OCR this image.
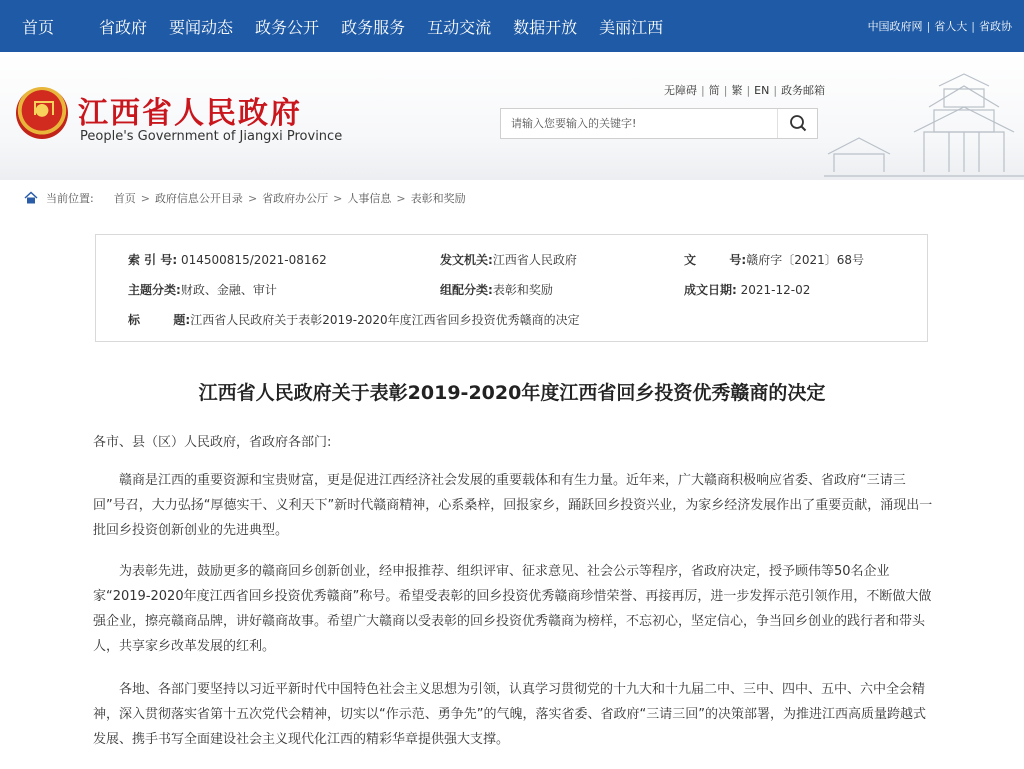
首页	省政府 要闻动态 政务公开 政务服务 互动交流 数据开放 美丽江西	中国政府网 | 省人大 | 省政协
江西省人民政府
People's Government of Jiangxi Province
无障碍 | 简 | 繁 | EN | 政务邮箱
请输入您要输入的关键字!
当前位置: 首页 > 政府信息公开目录 > 省政府办公厅 > 人事信息 > 表彰和奖励
索 引 号: 014500815/2021-08162	发文机关:江西省人民政府	文        号:赣府字〔2021〕68号
主题分类:财政、金融、审计	组配分类:表彰和奖励	成文日期: 2021-12-02
标        题:江西省人民政府关于表彰2019-2020年度江西省回乡投资优秀赣商的决定
江西省人民政府关于表彰2019-2020年度江西省回乡投资优秀赣商的决定
各市、县（区）人民政府，省政府各部门:
赣商是江西的重要资源和宝贵财富，更是促进江西经济社会发展的重要载体和有生力量。近年来，广大赣商积极响应省委、省政府“三请三回”号召，大力弘扬“厚德实干、义利天下”新时代赣商精神，心系桑梓，回报家乡，踊跃回乡投资兴业，为家乡经济发展作出了重要贡献，涌现出一批回乡投资创新创业的先进典型。
为表彰先进，鼓励更多的赣商回乡创新创业，经申报推荐、组织评审、征求意见、社会公示等程序，省政府决定，授予顾伟等50名企业家“2019-2020年度江西省回乡投资优秀赣商”称号。希望受表彰的回乡投资优秀赣商珍惜荣誉、再接再厉，进一步发挥示范引领作用，不断做大做强企业，擦亮赣商品牌，讲好赣商故事。希望广大赣商以受表彰的回乡投资优秀赣商为榜样，不忘初心，坚定信心，争当回乡创业的践行者和带头人，共享家乡改革发展的红利。
各地、各部门要坚持以习近平新时代中国特色社会主义思想为引领，认真学习贯彻党的十九大和十九届二中、三中、四中、五中、六中全会精神，深入贯彻落实省第十五次党代会精神，切实以“作示范、勇争先”的气魄，落实省委、省政府“三请三回”的决策部署，为推进江西高质量跨越式发展、携手书写全面建设社会主义现代化江西的精彩华章提供强大支撑。
